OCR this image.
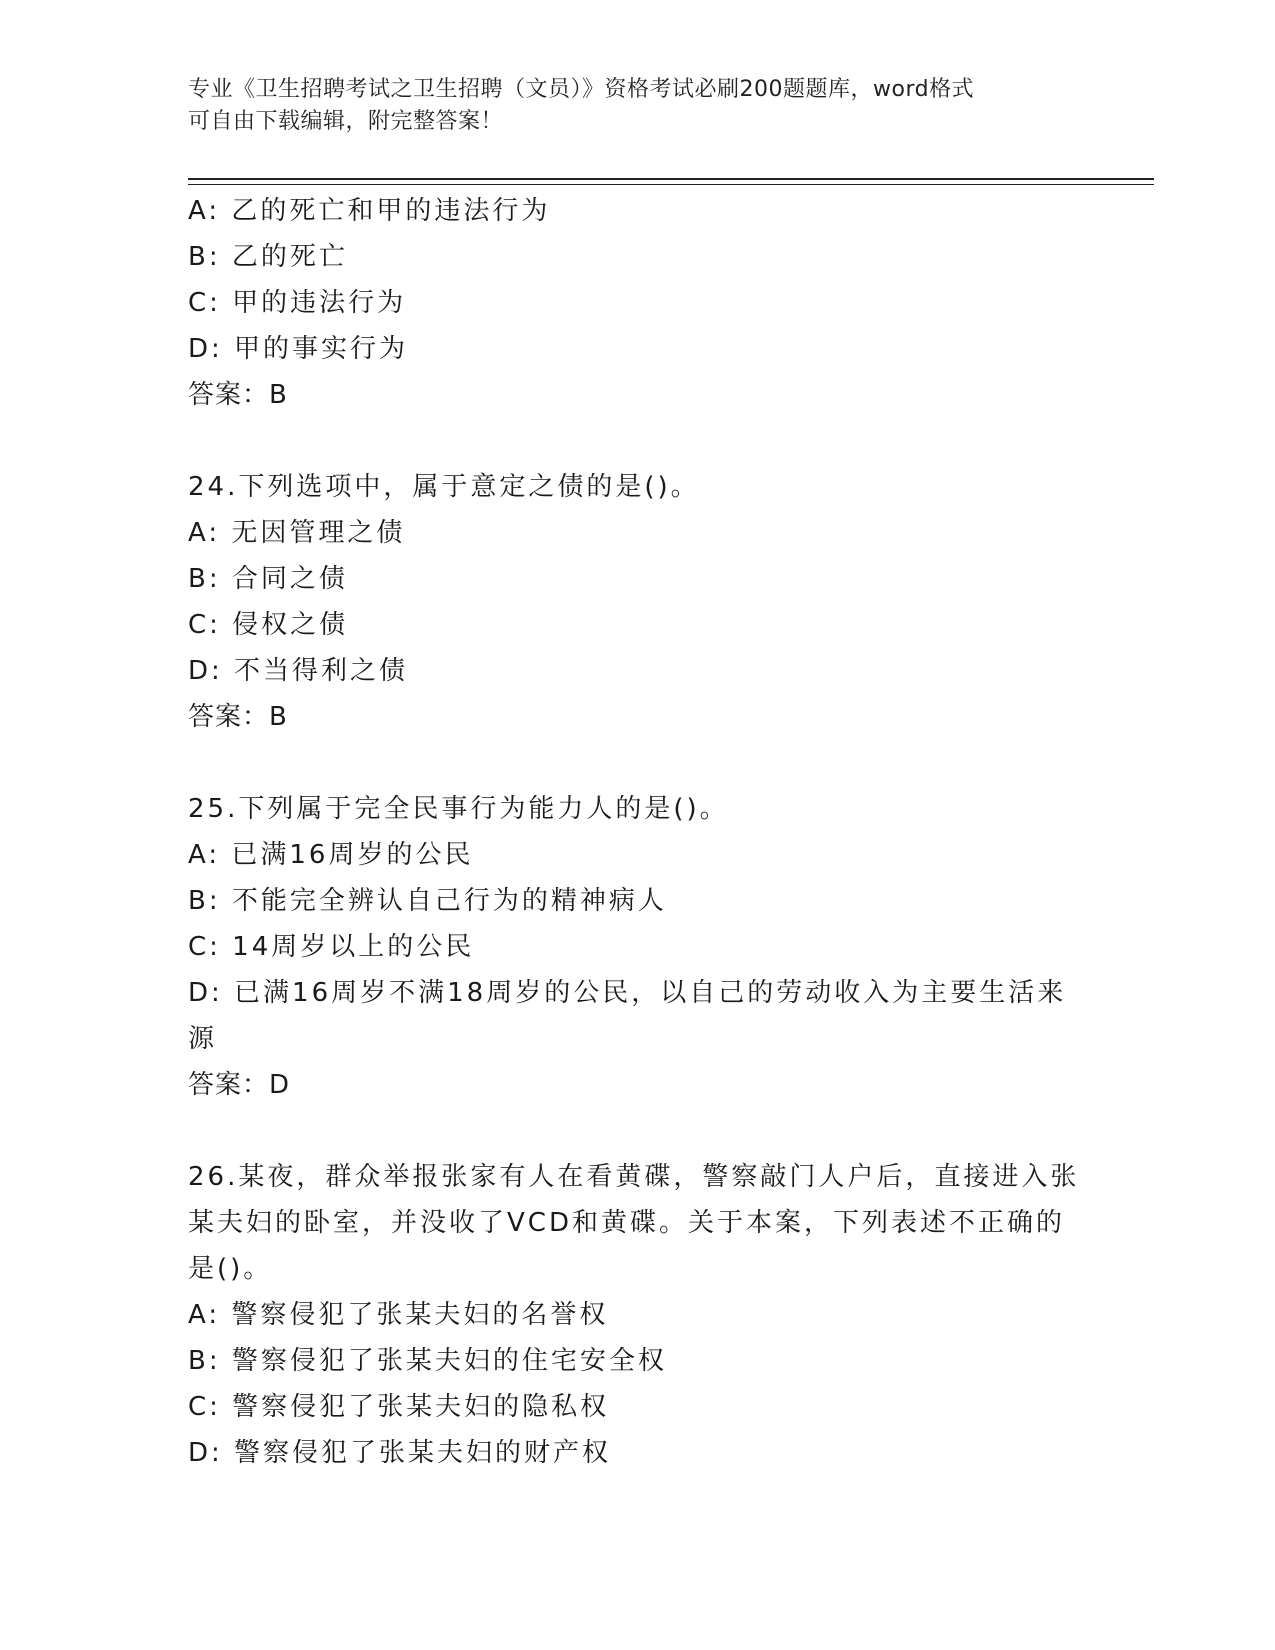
专业《卫生招聘考试之卫生招聘（文员）》资格考试必刷200题题库，word格式
可自由下载编辑，附完整答案！

A: 乙的死亡和甲的违法行为

B: 乙的死亡

C: 甲的违法行为

D: 甲的事实行为

答案：B

24.下列选项中，属于意定之债的是()。

A: 无因管理之债

B: 合同之债

C: 侵权之债

D: 不当得利之债

答案：B

25.下列属于完全民事行为能力人的是()。

A: 已满16周岁的公民

B: 不能完全辨认自己行为的精神病人

C: 14周岁以上的公民

D: 已满16周岁不满18周岁的公民，以自己的劳动收入为主要生活来

源

答案：D

26.某夜，群众举报张家有人在看黄碟，警察敲门人户后，直接进入张

某夫妇的卧室，并没收了VCD和黄碟。关于本案，下列表述不正确的

是()。

A: 警察侵犯了张某夫妇的名誉权

B: 警察侵犯了张某夫妇的住宅安全权

C: 警察侵犯了张某夫妇的隐私权

D: 警察侵犯了张某夫妇的财产权
